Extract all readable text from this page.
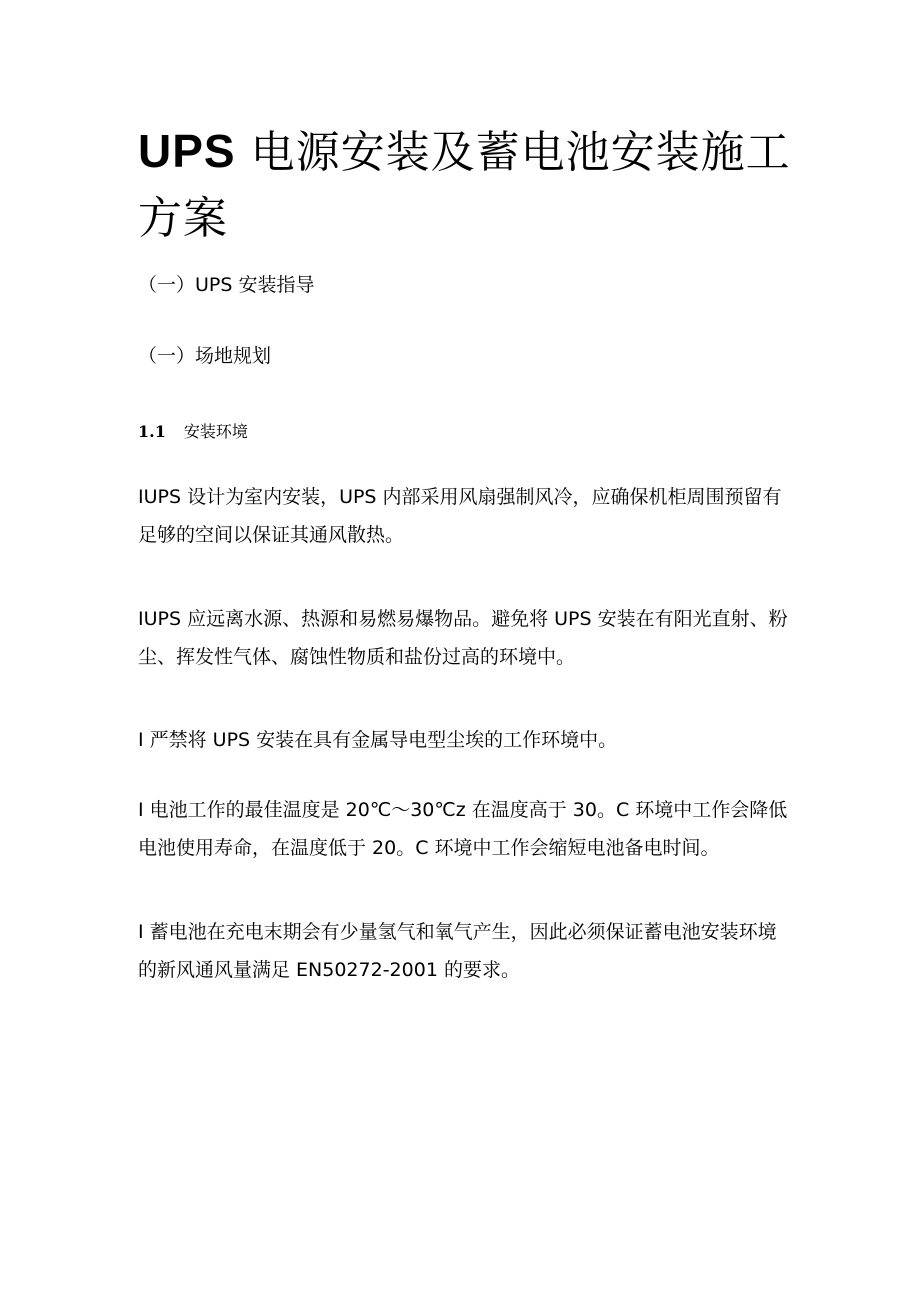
UPS 电源安装及蓄电池安装施工方案
（一）UPS 安装指导
（一）场地规划
1.1 安装环境

IUPS 设计为室内安装，UPS 内部采用风扇强制风冷，应确保机柜周围预留有足够的空间以保证其通风散热。

IUPS 应远离水源、热源和易燃易爆物品。避免将 UPS 安装在有阳光直射、粉尘、挥发性气体、腐蚀性物质和盐份过高的环境中。

I 严禁将 UPS 安装在具有金属导电型尘埃的工作环境中。

I 电池工作的最佳温度是 20℃～30℃z 在温度高于 30。C 环境中工作会降低电池使用寿命，在温度低于 20。C 环境中工作会缩短电池备电时间。

I 蓄电池在充电末期会有少量氢气和氧气产生，因此必须保证蓄电池安装环境的新风通风量满足 EN50272-2001 的要求。
